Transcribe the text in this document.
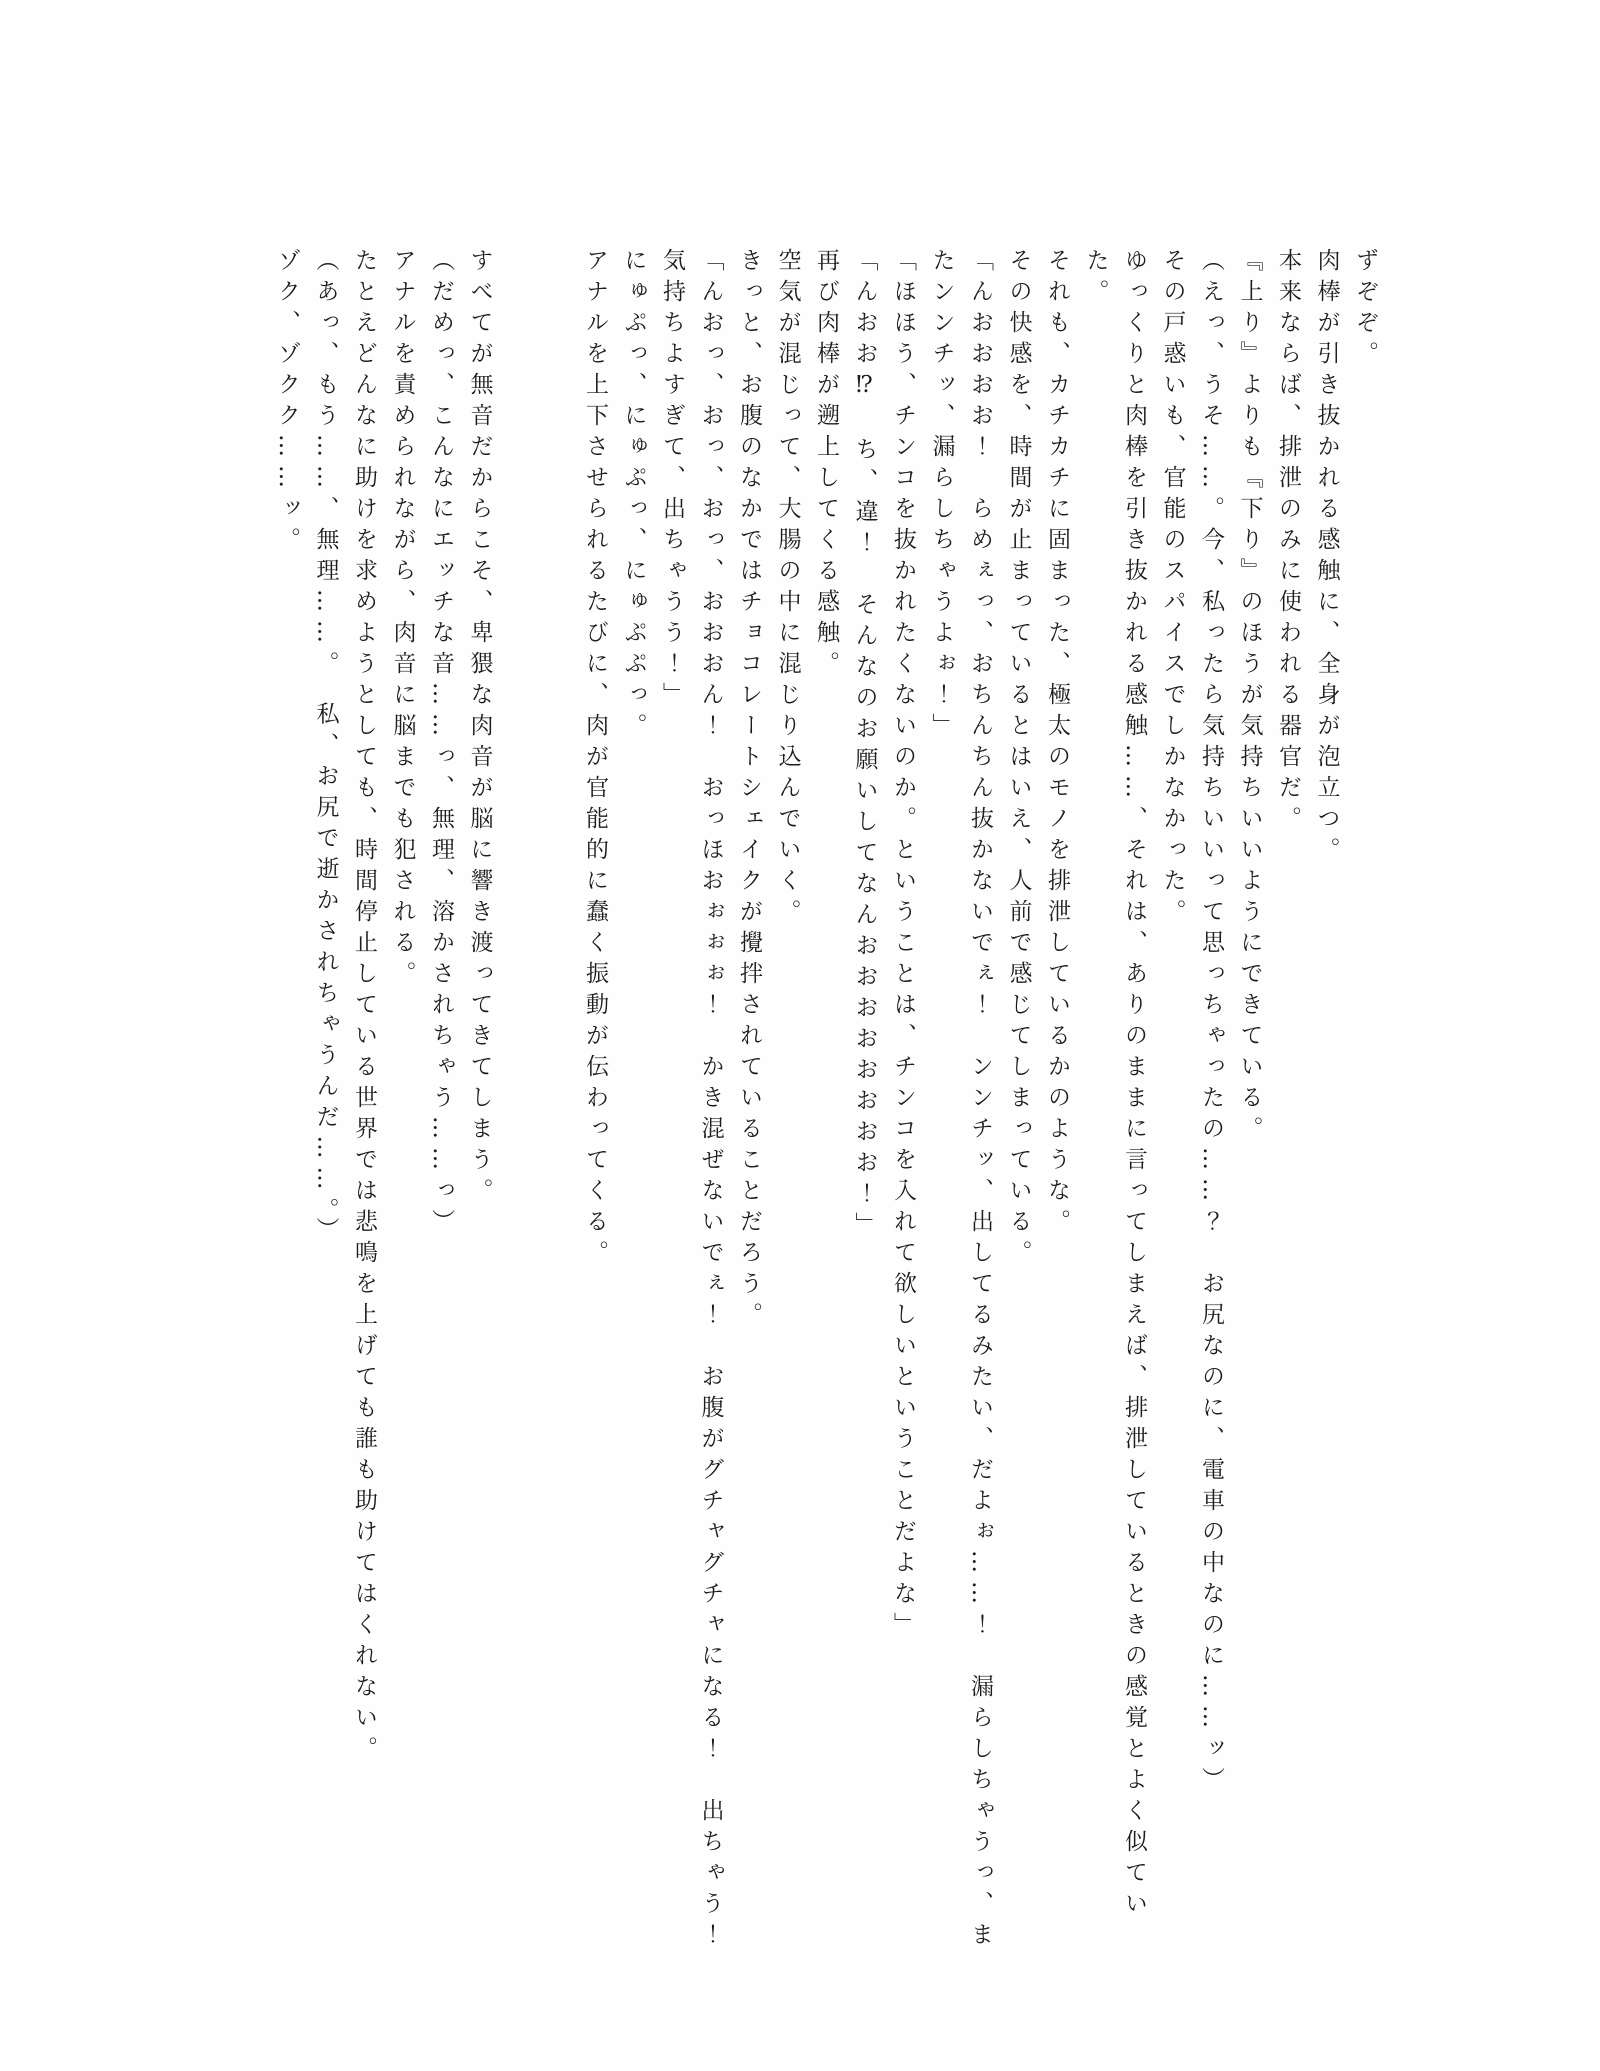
ずぞぞ。

肉棒が引き抜かれる感触に、全身が泡立つ。

本来ならば、排泄のみに使われる器官だ。

『上り』よりも『下り』のほうが気持ちいいようにできている。

（えっ、うそ……。今、私ったら気持ちいいって思っちゃったの……？　お尻なのに、電車の中なのに……ッ）

その戸惑いも、官能のスパイスでしかなかった。

ゆっくりと肉棒を引き抜かれる感触……、それは、ありのままに言ってしまえば、排泄しているときの感覚とよく似てい

た。

それも、カチカチに固まった、極太のモノを排泄しているかのような。

その快感を、時間が止まっているとはいえ、人前で感じてしまっている。

「んおおおお！　らめぇっ、おちんちん抜かないでぇ！　ンンチッ、出してるみたい、だよぉ……！　漏らしちゃうっ、ま

たンンチッ、漏らしちゃうよぉ！」

「ほほう、チンコを抜かれたくないのか。ということは、チンコを入れて欲しいということだよな」

「んおお⁉　ち、違！　そんなのお願いしてなんおおおおおおおお！」

再び肉棒が遡上してくる感触。

空気が混じって、大腸の中に混じり込んでいく。

きっと、お腹のなかではチョコレートシェイクが攪拌されていることだろう。

「んおっ、おっ、おっ、おおおん！　おっほおぉぉぉ！　かき混ぜないでぇ！　お腹がグチャグチャになる！　出ちゃう！

気持ちよすぎて、出ちゃうう！」

にゅぷっ、にゅぷっ、にゅぷぷっ。

アナルを上下させられるたびに、肉が官能的に蠢く振動が伝わってくる。

すべてが無音だからこそ、卑猥な肉音が脳に響き渡ってきてしまう。

（だめっ、こんなにエッチな音……っ、無理、溶かされちゃう……っ）

アナルを責められながら、肉音に脳までも犯される。

たとえどんなに助けを求めようとしても、時間停止している世界では悲鳴を上げても誰も助けてはくれない。

（あっ、もう……、無理……。　私、お尻で逝かされちゃうんだ……。）

ゾク、ゾクク……ッ。
